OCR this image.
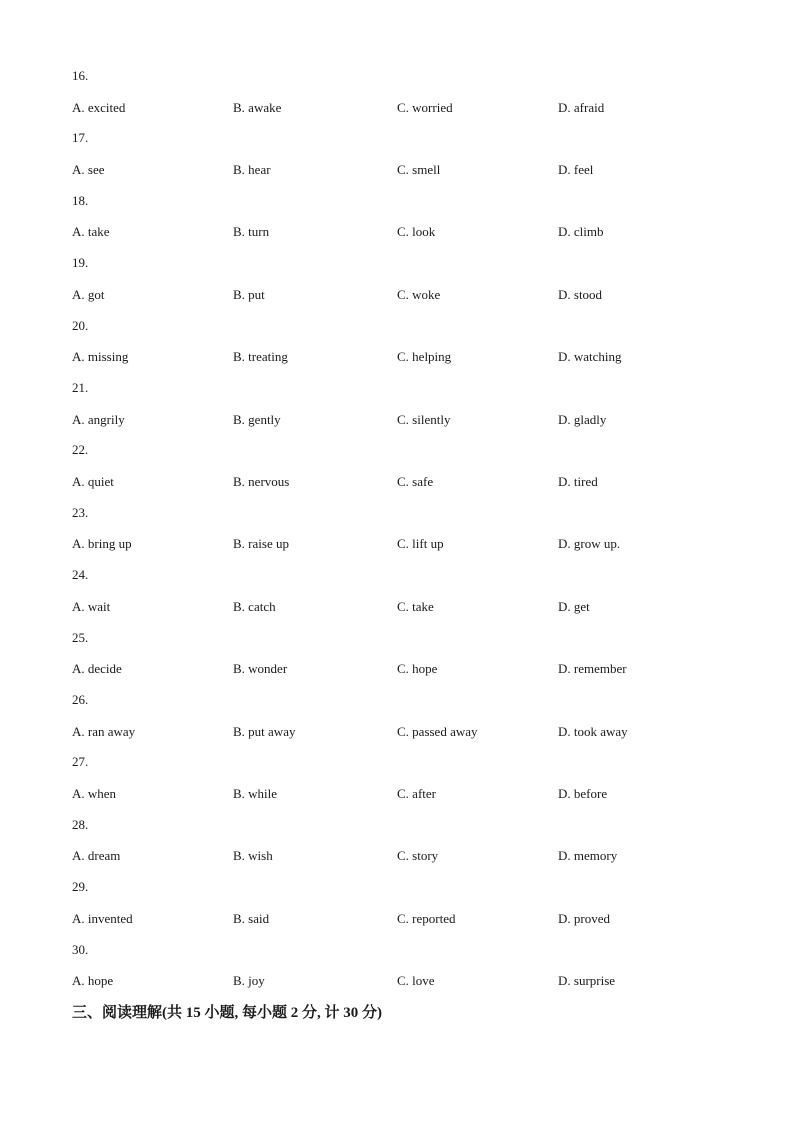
16.
A. excited	B. awake	C. worried	D. afraid
17.
A. see	B. hear	C. smell	D. feel
18.
A. take	B. turn	C. look	D. climb
19.
A. got	B. put	C. woke	D. stood
20.
A. missing	B. treating	C. helping	D. watching
21.
A. angrily	B. gently	C. silently	D. gladly
22.
A. quiet	B. nervous	C. safe	D. tired
23.
A. bring up	B. raise up	C. lift up	D. grow up.
24.
A. wait	B. catch	C. take	D. get
25.
A. decide	B. wonder	C. hope	D. remember
26.
A. ran away	B. put away	C. passed away	D. took away
27.
A. when	B. while	C. after	D. before
28.
A. dream	B. wish	C. story	D. memory
29.
A. invented	B. said	C. reported	D. proved
30.
A. hope	B. joy	C. love	D. surprise
三、阅读理解(共 15 小题, 每小题 2 分, 计 30 分)
